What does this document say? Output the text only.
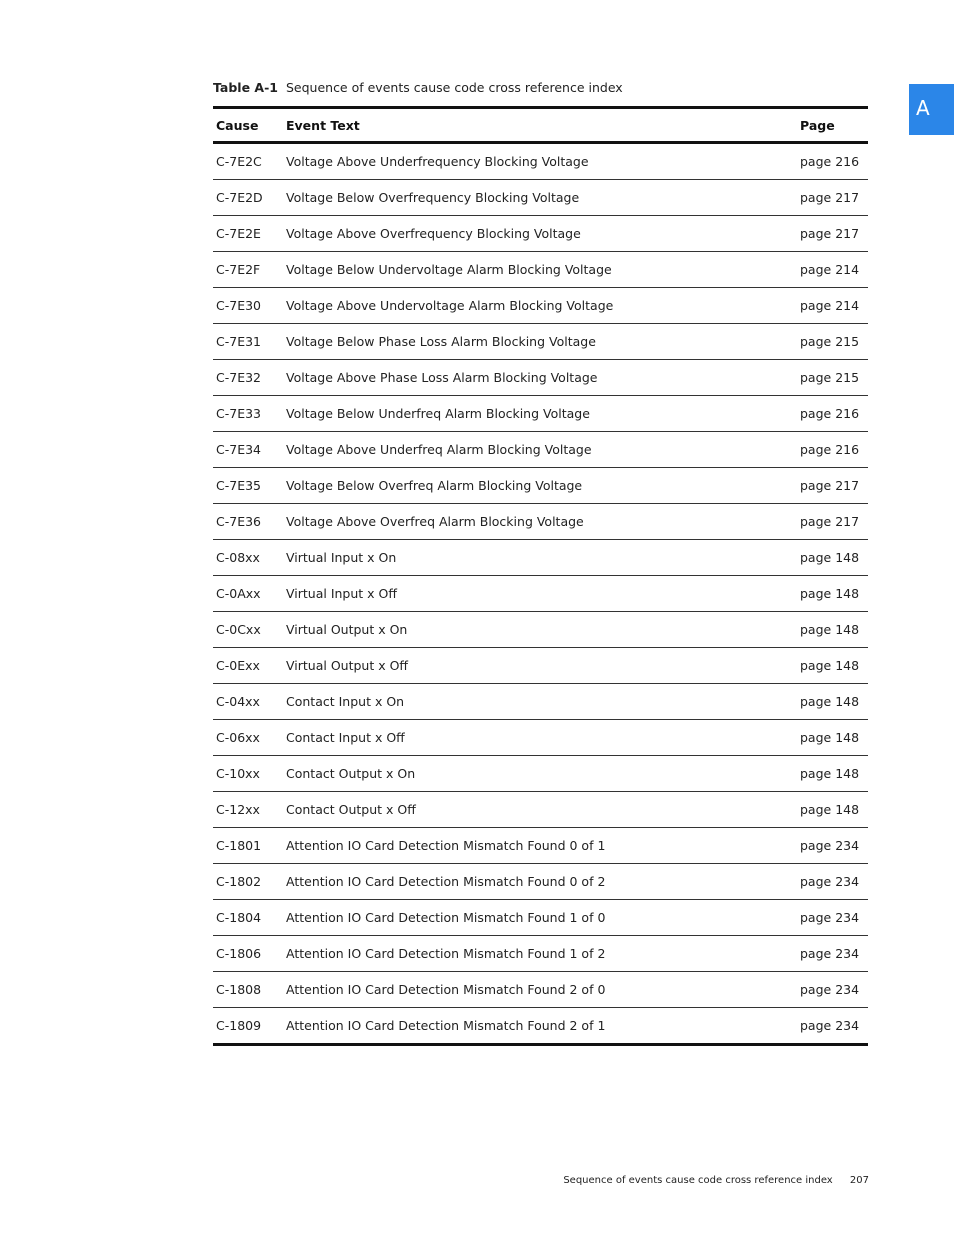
A
Table A-1 Sequence of events cause code cross reference index
Cause	Event Text	Page
C-7E2C	Voltage Above Underfrequency Blocking Voltage	page 216
C-7E2D	Voltage Below Overfrequency Blocking Voltage	page 217
C-7E2E	Voltage Above Overfrequency Blocking Voltage	page 217
C-7E2F	Voltage Below Undervoltage Alarm Blocking Voltage	page 214
C-7E30	Voltage Above Undervoltage Alarm Blocking Voltage	page 214
C-7E31	Voltage Below Phase Loss Alarm Blocking Voltage	page 215
C-7E32	Voltage Above Phase Loss Alarm Blocking Voltage	page 215
C-7E33	Voltage Below Underfreq Alarm Blocking Voltage	page 216
C-7E34	Voltage Above Underfreq Alarm Blocking Voltage	page 216
C-7E35	Voltage Below Overfreq Alarm Blocking Voltage	page 217
C-7E36	Voltage Above Overfreq Alarm Blocking Voltage	page 217
C-08xx	Virtual Input x On	page 148
C-0Axx	Virtual Input x Off	page 148
C-0Cxx	Virtual Output x On	page 148
C-0Exx	Virtual Output x Off	page 148
C-04xx	Contact Input x On	page 148
C-06xx	Contact Input x Off	page 148
C-10xx	Contact Output x On	page 148
C-12xx	Contact Output x Off	page 148
C-1801	Attention IO Card Detection Mismatch Found 0 of 1	page 234
C-1802	Attention IO Card Detection Mismatch Found 0 of 2	page 234
C-1804	Attention IO Card Detection Mismatch Found 1 of 0	page 234
C-1806	Attention IO Card Detection Mismatch Found 1 of 2	page 234
C-1808	Attention IO Card Detection Mismatch Found 2 of 0	page 234
C-1809	Attention IO Card Detection Mismatch Found 2 of 1	page 234
Sequence of events cause code cross reference index 207
